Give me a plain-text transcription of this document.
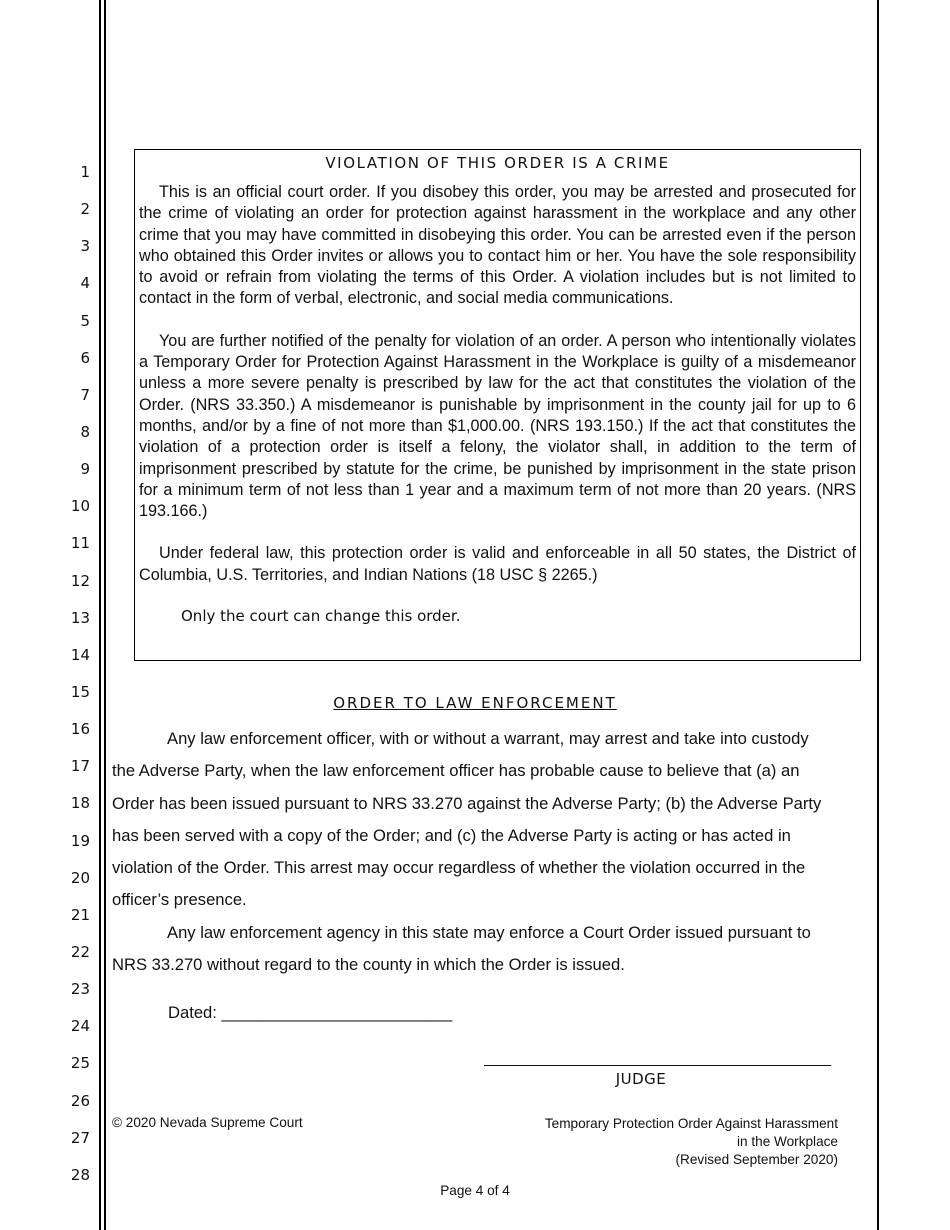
1
2
3
4
5
6
7
8
9
10
11
12
13
14
15
16
17
18
19
20
21
22
23
24
25
26
27
28
VIOLATION OF THIS ORDER IS A CRIME

This is an official court order. If you disobey this order, you may be arrested and prosecuted for the crime of violating an order for protection against harassment in the workplace and any other crime that you may have committed in disobeying this order. You can be arrested even if the person who obtained this Order invites or allows you to contact him or her. You have the sole responsibility to avoid or refrain from violating the terms of this Order. A violation includes but is not limited to contact in the form of verbal, electronic, and social media communications.

You are further notified of the penalty for violation of an order. A person who intentionally violates a Temporary Order for Protection Against Harassment in the Workplace is guilty of a misdemeanor unless a more severe penalty is prescribed by law for the act that constitutes the violation of the Order. (NRS 33.350.) A misdemeanor is punishable by imprisonment in the county jail for up to 6 months, and/or by a fine of not more than $1,000.00. (NRS 193.150.) If the act that constitutes the violation of a protection order is itself a felony, the violator shall, in addition to the term of imprisonment prescribed by statute for the crime, be punished by imprisonment in the state prison for a minimum term of not less than 1 year and a maximum term of not more than 20 years. (NRS 193.166.)

Under federal law, this protection order is valid and enforceable in all 50 states, the District of Columbia, U.S. Territories, and Indian Nations (18 USC § 2265.)

Only the court can change this order.

ORDER TO LAW ENFORCEMENT

Any law enforcement officer, with or without a warrant, may arrest and take into custody the Adverse Party, when the law enforcement officer has probable cause to believe that (a) an Order has been issued pursuant to NRS 33.270 against the Adverse Party; (b) the Adverse Party has been served with a copy of the Order; and (c) the Adverse Party is acting or has acted in violation of the Order. This arrest may occur regardless of whether the violation occurred in the officer’s presence.

Any law enforcement agency in this state may enforce a Court Order issued pursuant to NRS 33.270 without regard to the county in which the Order is issued.

Dated: _________________________
_______________________________________
JUDGE
© 2020 Nevada Supreme Court	Temporary Protection Order Against Harassment
in the Workplace
(Revised September 2020)
Page 4 of 4
